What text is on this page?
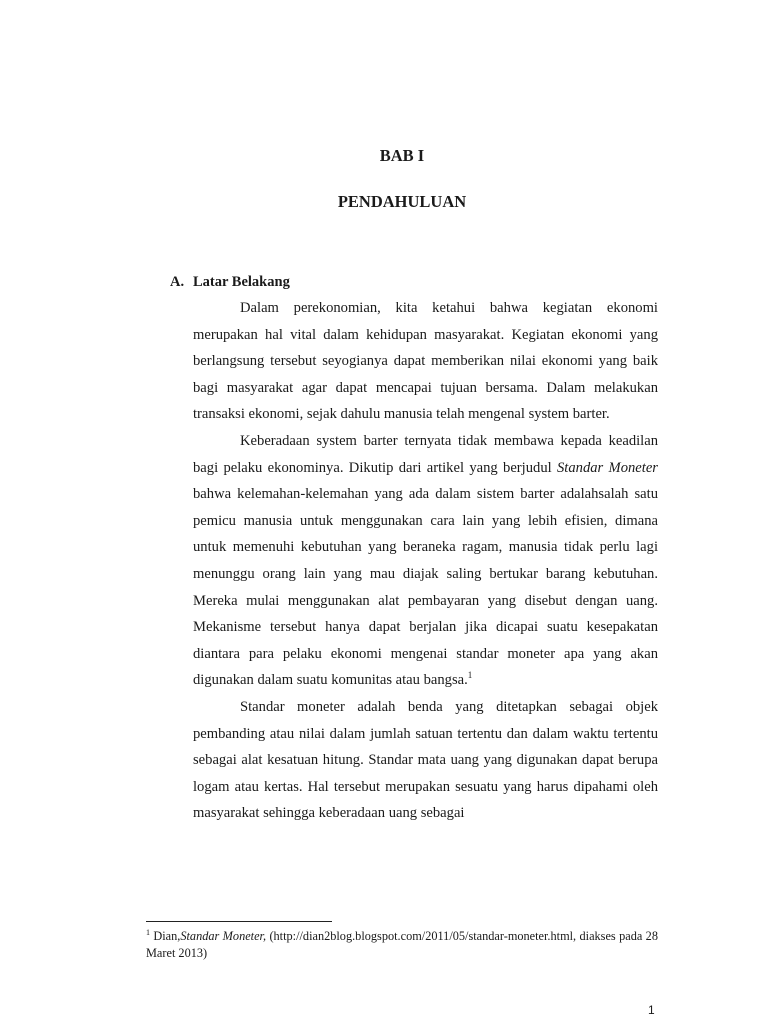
BAB I
PENDAHULUAN
A. Latar Belakang

Dalam perekonomian, kita ketahui bahwa kegiatan ekonomi merupakan hal vital dalam kehidupan masyarakat. Kegiatan ekonomi yang berlangsung tersebut seyogianya dapat memberikan nilai ekonomi yang baik bagi masyarakat agar dapat mencapai tujuan bersama. Dalam melakukan transaksi ekonomi, sejak dahulu manusia telah mengenal system barter.

Keberadaan system barter ternyata tidak membawa kepada keadilan bagi pelaku ekonominya. Dikutip dari artikel yang berjudul Standar Moneter bahwa kelemahan-kelemahan yang ada dalam sistem barter adalahsalah satu pemicu manusia untuk menggunakan cara lain yang lebih efisien, dimana untuk memenuhi kebutuhan yang beraneka ragam, manusia tidak perlu lagi menunggu orang lain yang mau diajak saling bertukar barang kebutuhan. Mereka mulai menggunakan alat pembayaran yang disebut dengan uang. Mekanisme tersebut hanya dapat berjalan jika dicapai suatu kesepakatan diantara para pelaku ekonomi mengenai standar moneter apa yang akan digunakan dalam suatu komunitas atau bangsa.$^1$

Standar moneter adalah benda yang ditetapkan sebagai objek pembanding atau nilai dalam jumlah satuan tertentu dan dalam waktu tertentu sebagai alat kesatuan hitung. Standar mata uang yang digunakan dapat berupa logam atau kertas. Hal tersebut merupakan sesuatu yang harus dipahami oleh masyarakat sehingga keberadaan uang sebagai

$^1$ Dian,Standar Moneter, (http://dian2blog.blogspot.com/2011/05/standar-moneter.html, diakses pada 28 Maret 2013)
1
